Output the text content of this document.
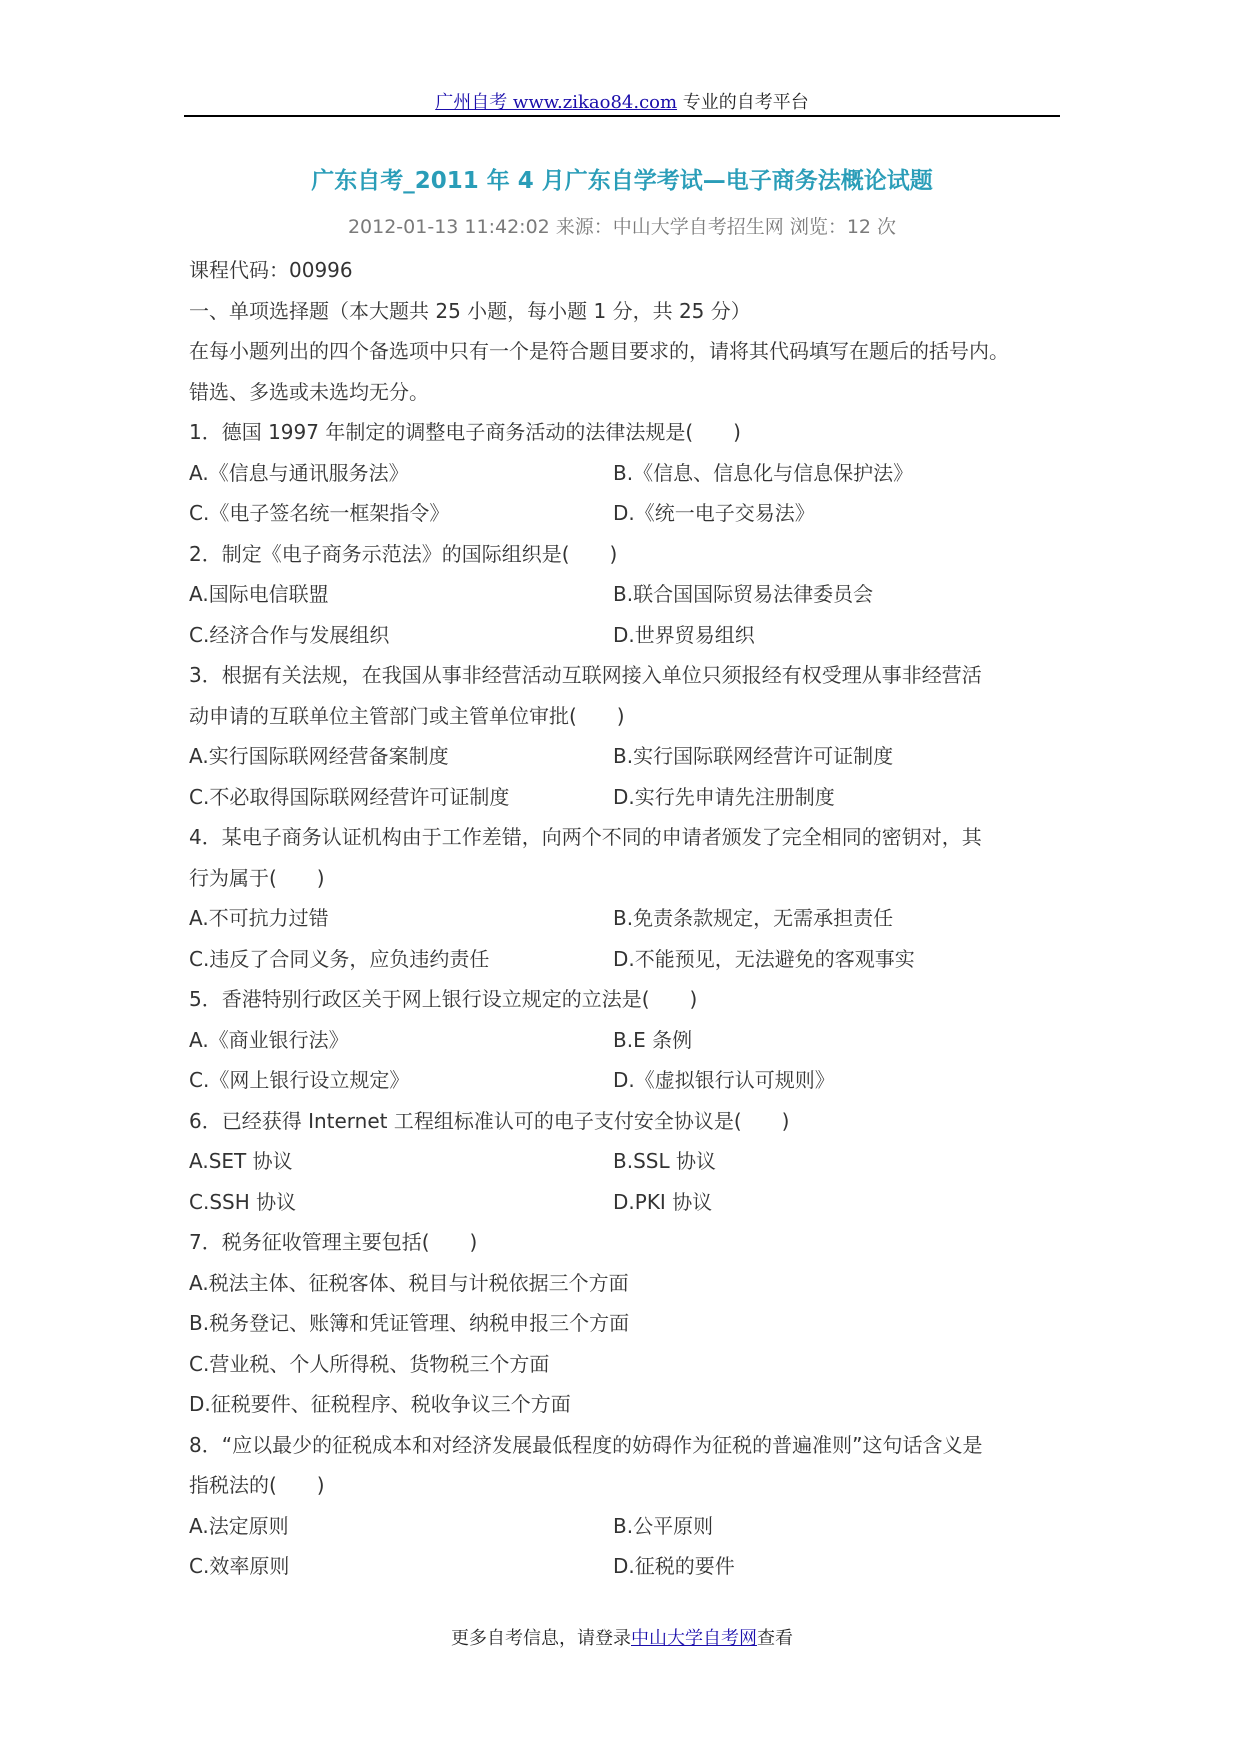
广州自考 www.zikao84.com 专业的自考平台
广东自考_2011 年 4 月广东自学考试—电子商务法概论试题
2012-01-13 11:42:02 来源：中山大学自考招生网 浏览：12 次
课程代码：00996
一、单项选择题（本大题共 25 小题，每小题 1 分，共 25 分）
在每小题列出的四个备选项中只有一个是符合题目要求的，请将其代码填写在题后的括号内。
错选、多选或未选均无分。
1．德国 1997 年制定的调整电子商务活动的法律法规是(　　)
A.《信息与通讯服务法》	B.《信息、信息化与信息保护法》
C.《电子签名统一框架指令》	D.《统一电子交易法》
2．制定《电子商务示范法》的国际组织是(　　)
A.国际电信联盟	B.联合国国际贸易法律委员会
C.经济合作与发展组织	D.世界贸易组织
3．根据有关法规，在我国从事非经营活动互联网接入单位只须报经有权受理从事非经营活
动申请的互联单位主管部门或主管单位审批(　　)
A.实行国际联网经营备案制度	B.实行国际联网经营许可证制度
C.不必取得国际联网经营许可证制度	D.实行先申请先注册制度
4．某电子商务认证机构由于工作差错，向两个不同的申请者颁发了完全相同的密钥对，其
行为属于(　　)
A.不可抗力过错	B.免责条款规定，无需承担责任
C.违反了合同义务，应负违约责任	D.不能预见，无法避免的客观事实
5．香港特别行政区关于网上银行设立规定的立法是(　　)
A.《商业银行法》	B.E 条例
C.《网上银行设立规定》	D.《虚拟银行认可规则》
6．已经获得 Internet 工程组标准认可的电子支付安全协议是(　　)
A.SET 协议	B.SSL 协议
C.SSH 协议	D.PKI 协议
7．税务征收管理主要包括(　　)
A.税法主体、征税客体、税目与计税依据三个方面
B.税务登记、账簿和凭证管理、纳税申报三个方面
C.营业税、个人所得税、货物税三个方面
D.征税要件、征税程序、税收争议三个方面
8．“应以最少的征税成本和对经济发展最低程度的妨碍作为征税的普遍准则”这句话含义是
指税法的(　　)
A.法定原则	B.公平原则
C.效率原则	D.征税的要件
更多自考信息，请登录中山大学自考网查看
